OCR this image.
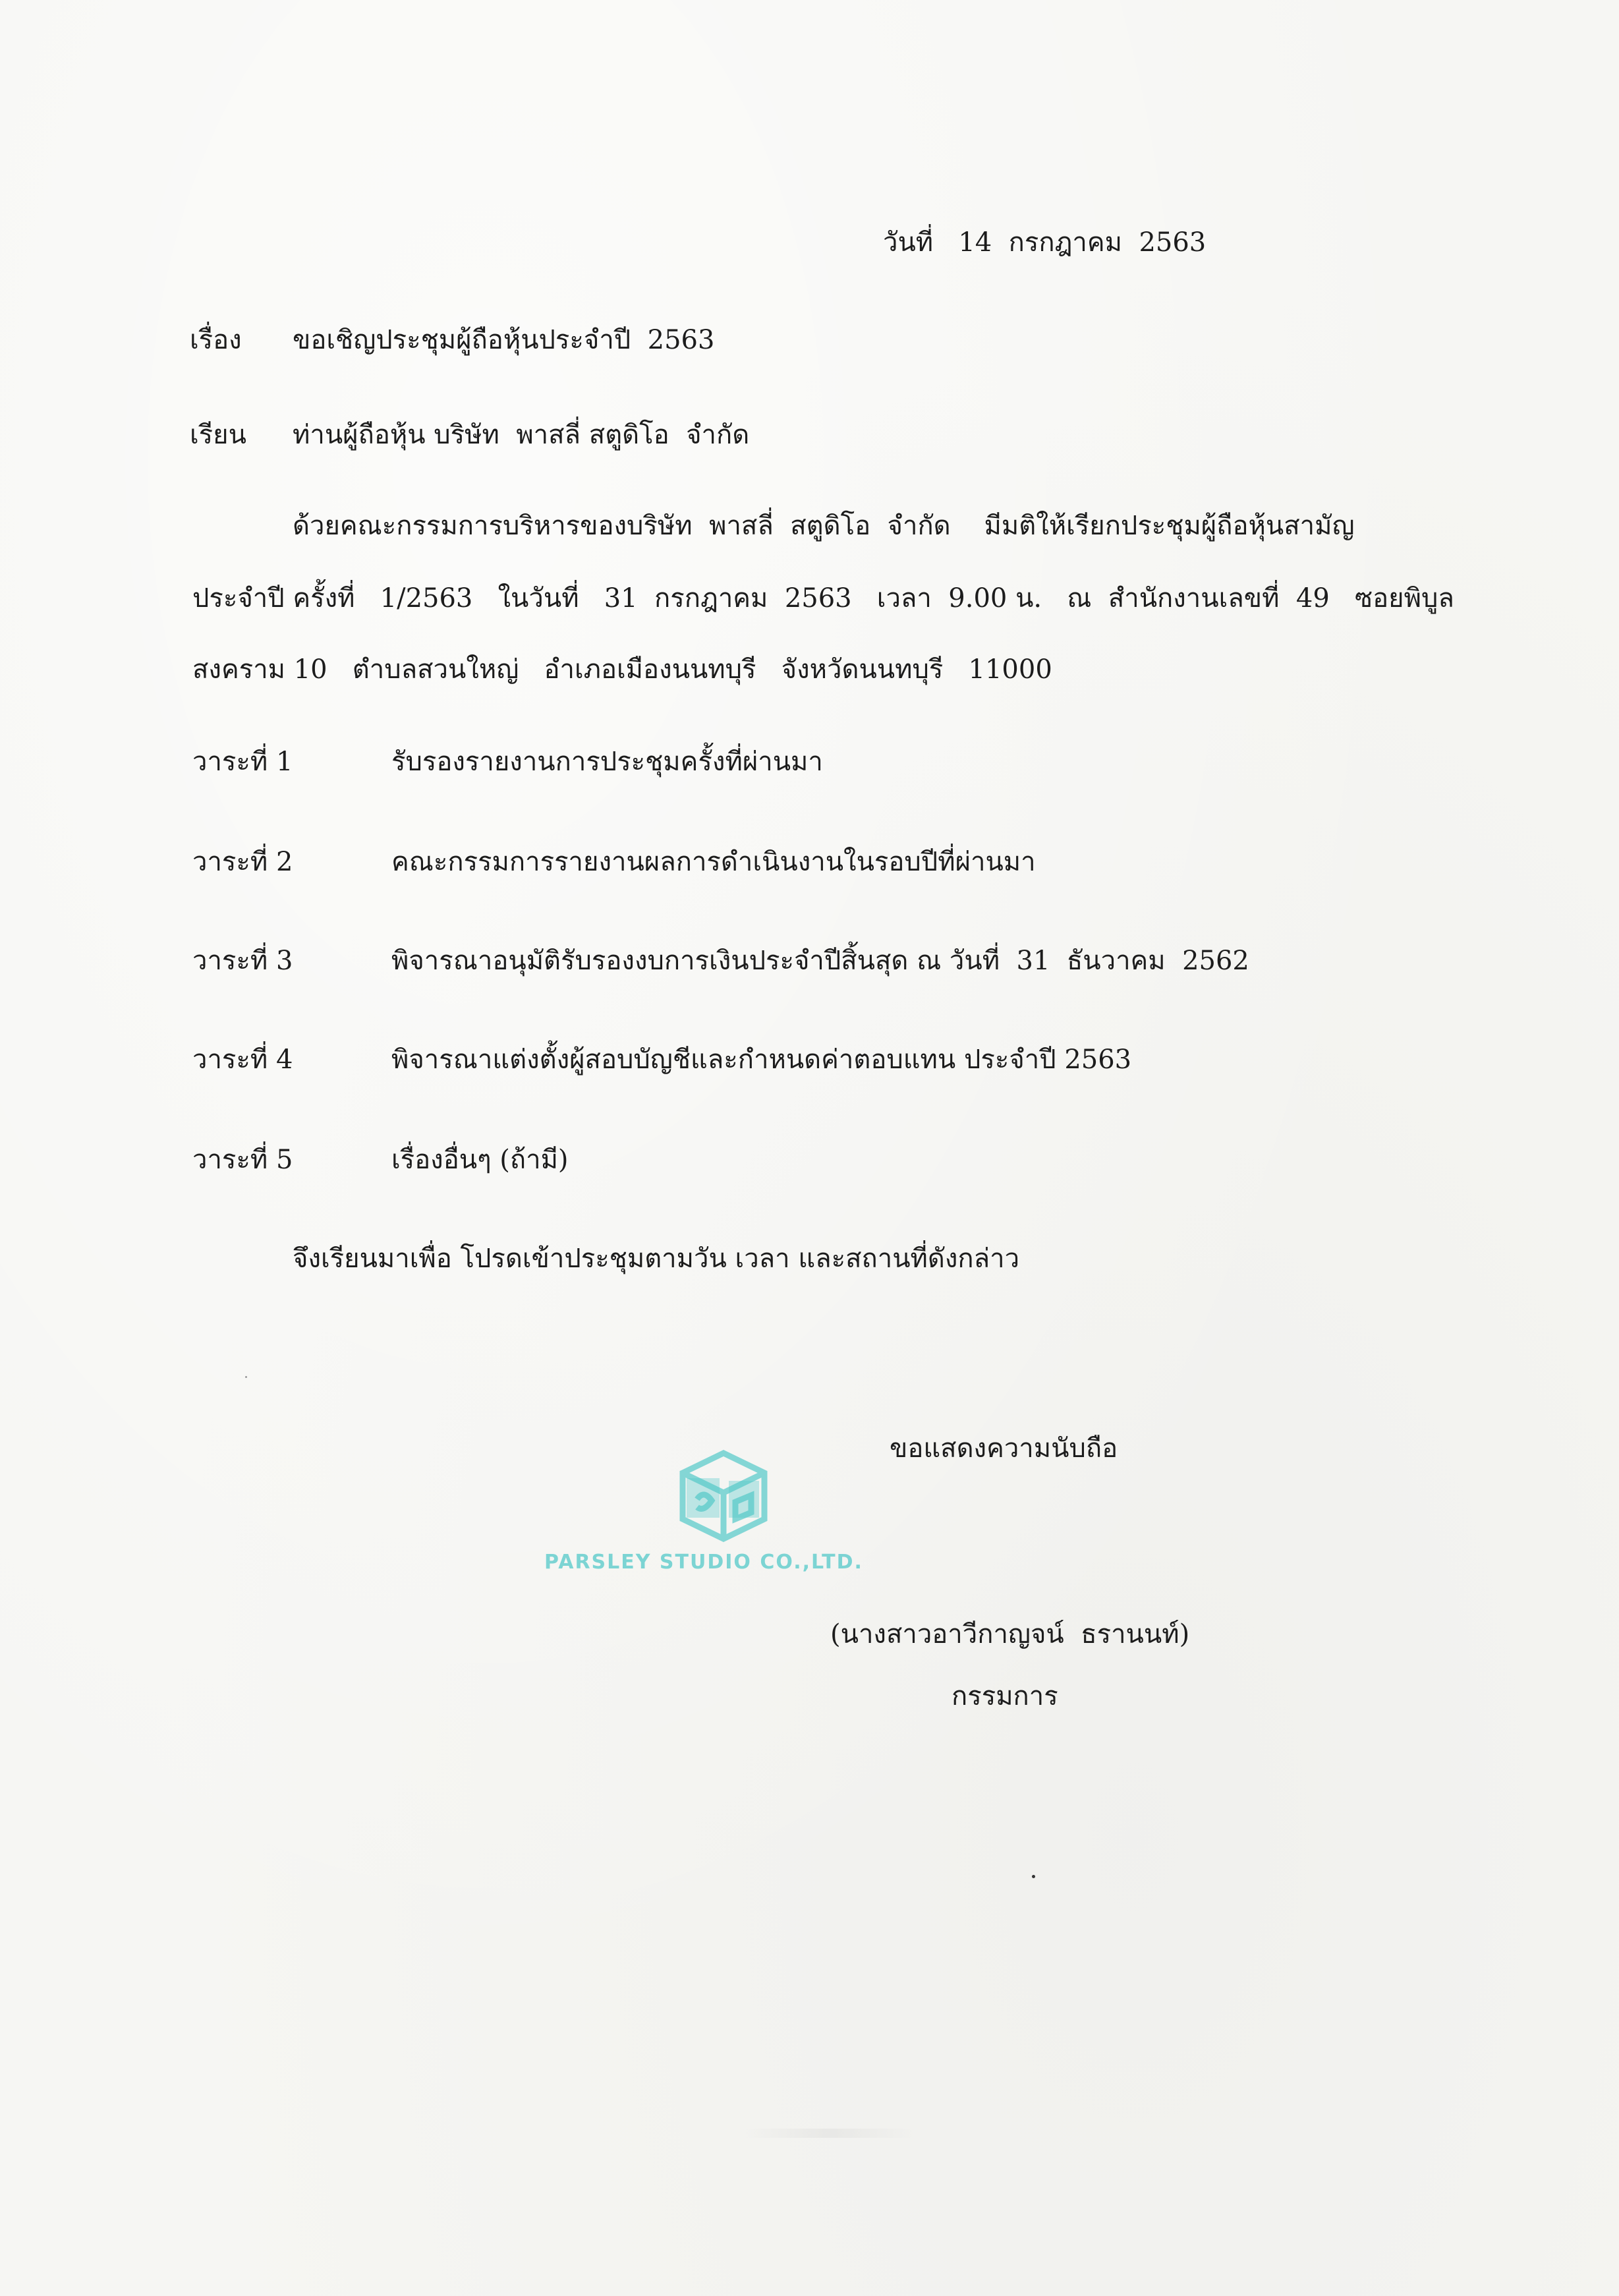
วันที่   14  กรกฎาคม  2563
เรื่อง ขอเชิญประชุมผู้ถือหุ้นประจำปี  2563
เรียน ท่านผู้ถือหุ้น บริษัท  พาสลี่ สตูดิโอ  จำกัด
ด้วยคณะกรรมการบริหารของบริษัท  พาสลี่  สตูดิโอ  จำกัด    มีมติให้เรียกประชุมผู้ถือหุ้นสามัญ
ประจำปี ครั้งที่   1/2563   ในวันที่   31  กรกฎาคม  2563   เวลา  9.00 น.   ณ  สำนักงานเลขที่  49   ซอยพิบูล
สงคราม 10   ตำบลสวนใหญ่   อำเภอเมืองนนทบุรี   จังหวัดนนทบุรี   11000
วาระที่ 1	รับรองรายงานการประชุมครั้งที่ผ่านมา
วาระที่ 2	คณะกรรมการรายงานผลการดำเนินงานในรอบปีที่ผ่านมา
วาระที่ 3	พิจารณาอนุมัติรับรองงบการเงินประจำปีสิ้นสุด ณ วันที่  31  ธันวาคม  2562
วาระที่ 4	พิจารณาแต่งตั้งผู้สอบบัญชีและกำหนดค่าตอบแทน ประจำปี 2563
วาระที่ 5	เรื่องอื่นๆ (ถ้ามี)
จึงเรียนมาเพื่อ โปรดเข้าประชุมตามวัน เวลา และสถานที่ดังกล่าว
ขอแสดงความนับถือ
PARSLEY STUDIO CO.,LTD.
(นางสาวอาวีกาญจน์  ธรานนท์)
กรรมการ
